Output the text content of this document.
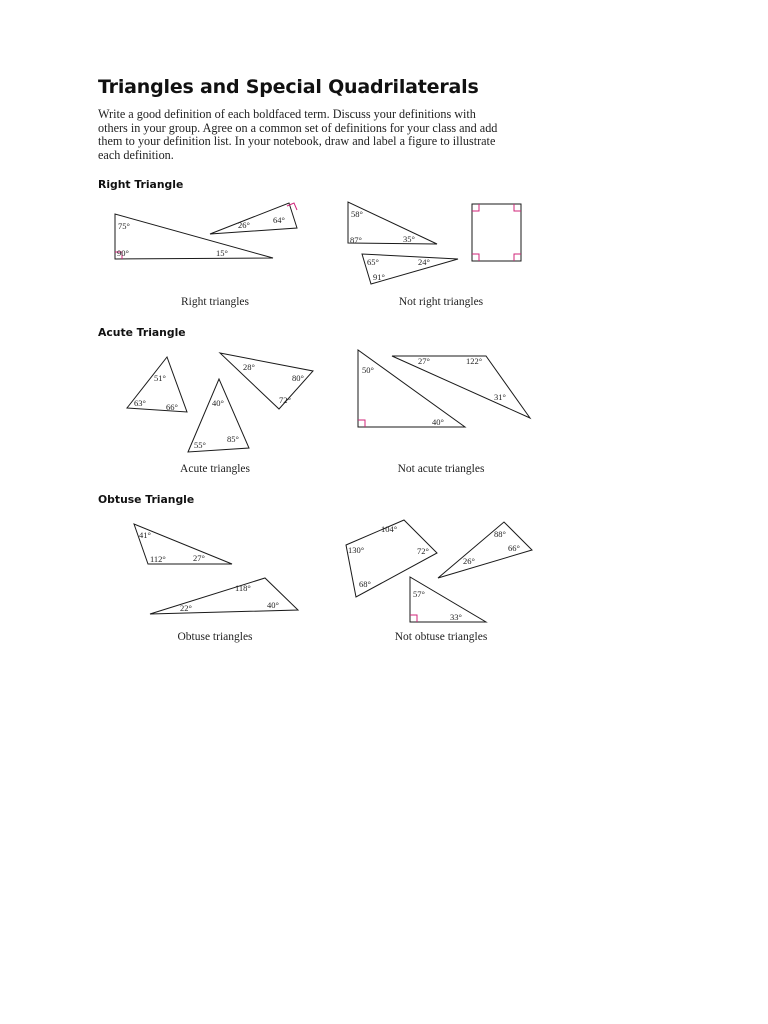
Triangles and Special Quadrilaterals
Write a good definition of each boldfaced term. Discuss your definitions with
others in your group. Agree on a common set of definitions for your class and add
them to your definition list. In your notebook, draw and label a figure to illustrate
each definition.
Right Triangle
Acute Triangle
Obtuse Triangle
Right triangles	Not right triangles
Acute triangles	Not acute triangles
Obtuse triangles	Not obtuse triangles
75°
90°	15°
26°	64°
58°
87°	35°
65°
91°
24°
51°
63° 66°
28°
80°
72°
40°
55°
85°
50°
40°
27°	122°
31°
41°
112°	27°
118°
22°	40°
104°
130°	72°
68°
88°
66°
26°
57°
33°
